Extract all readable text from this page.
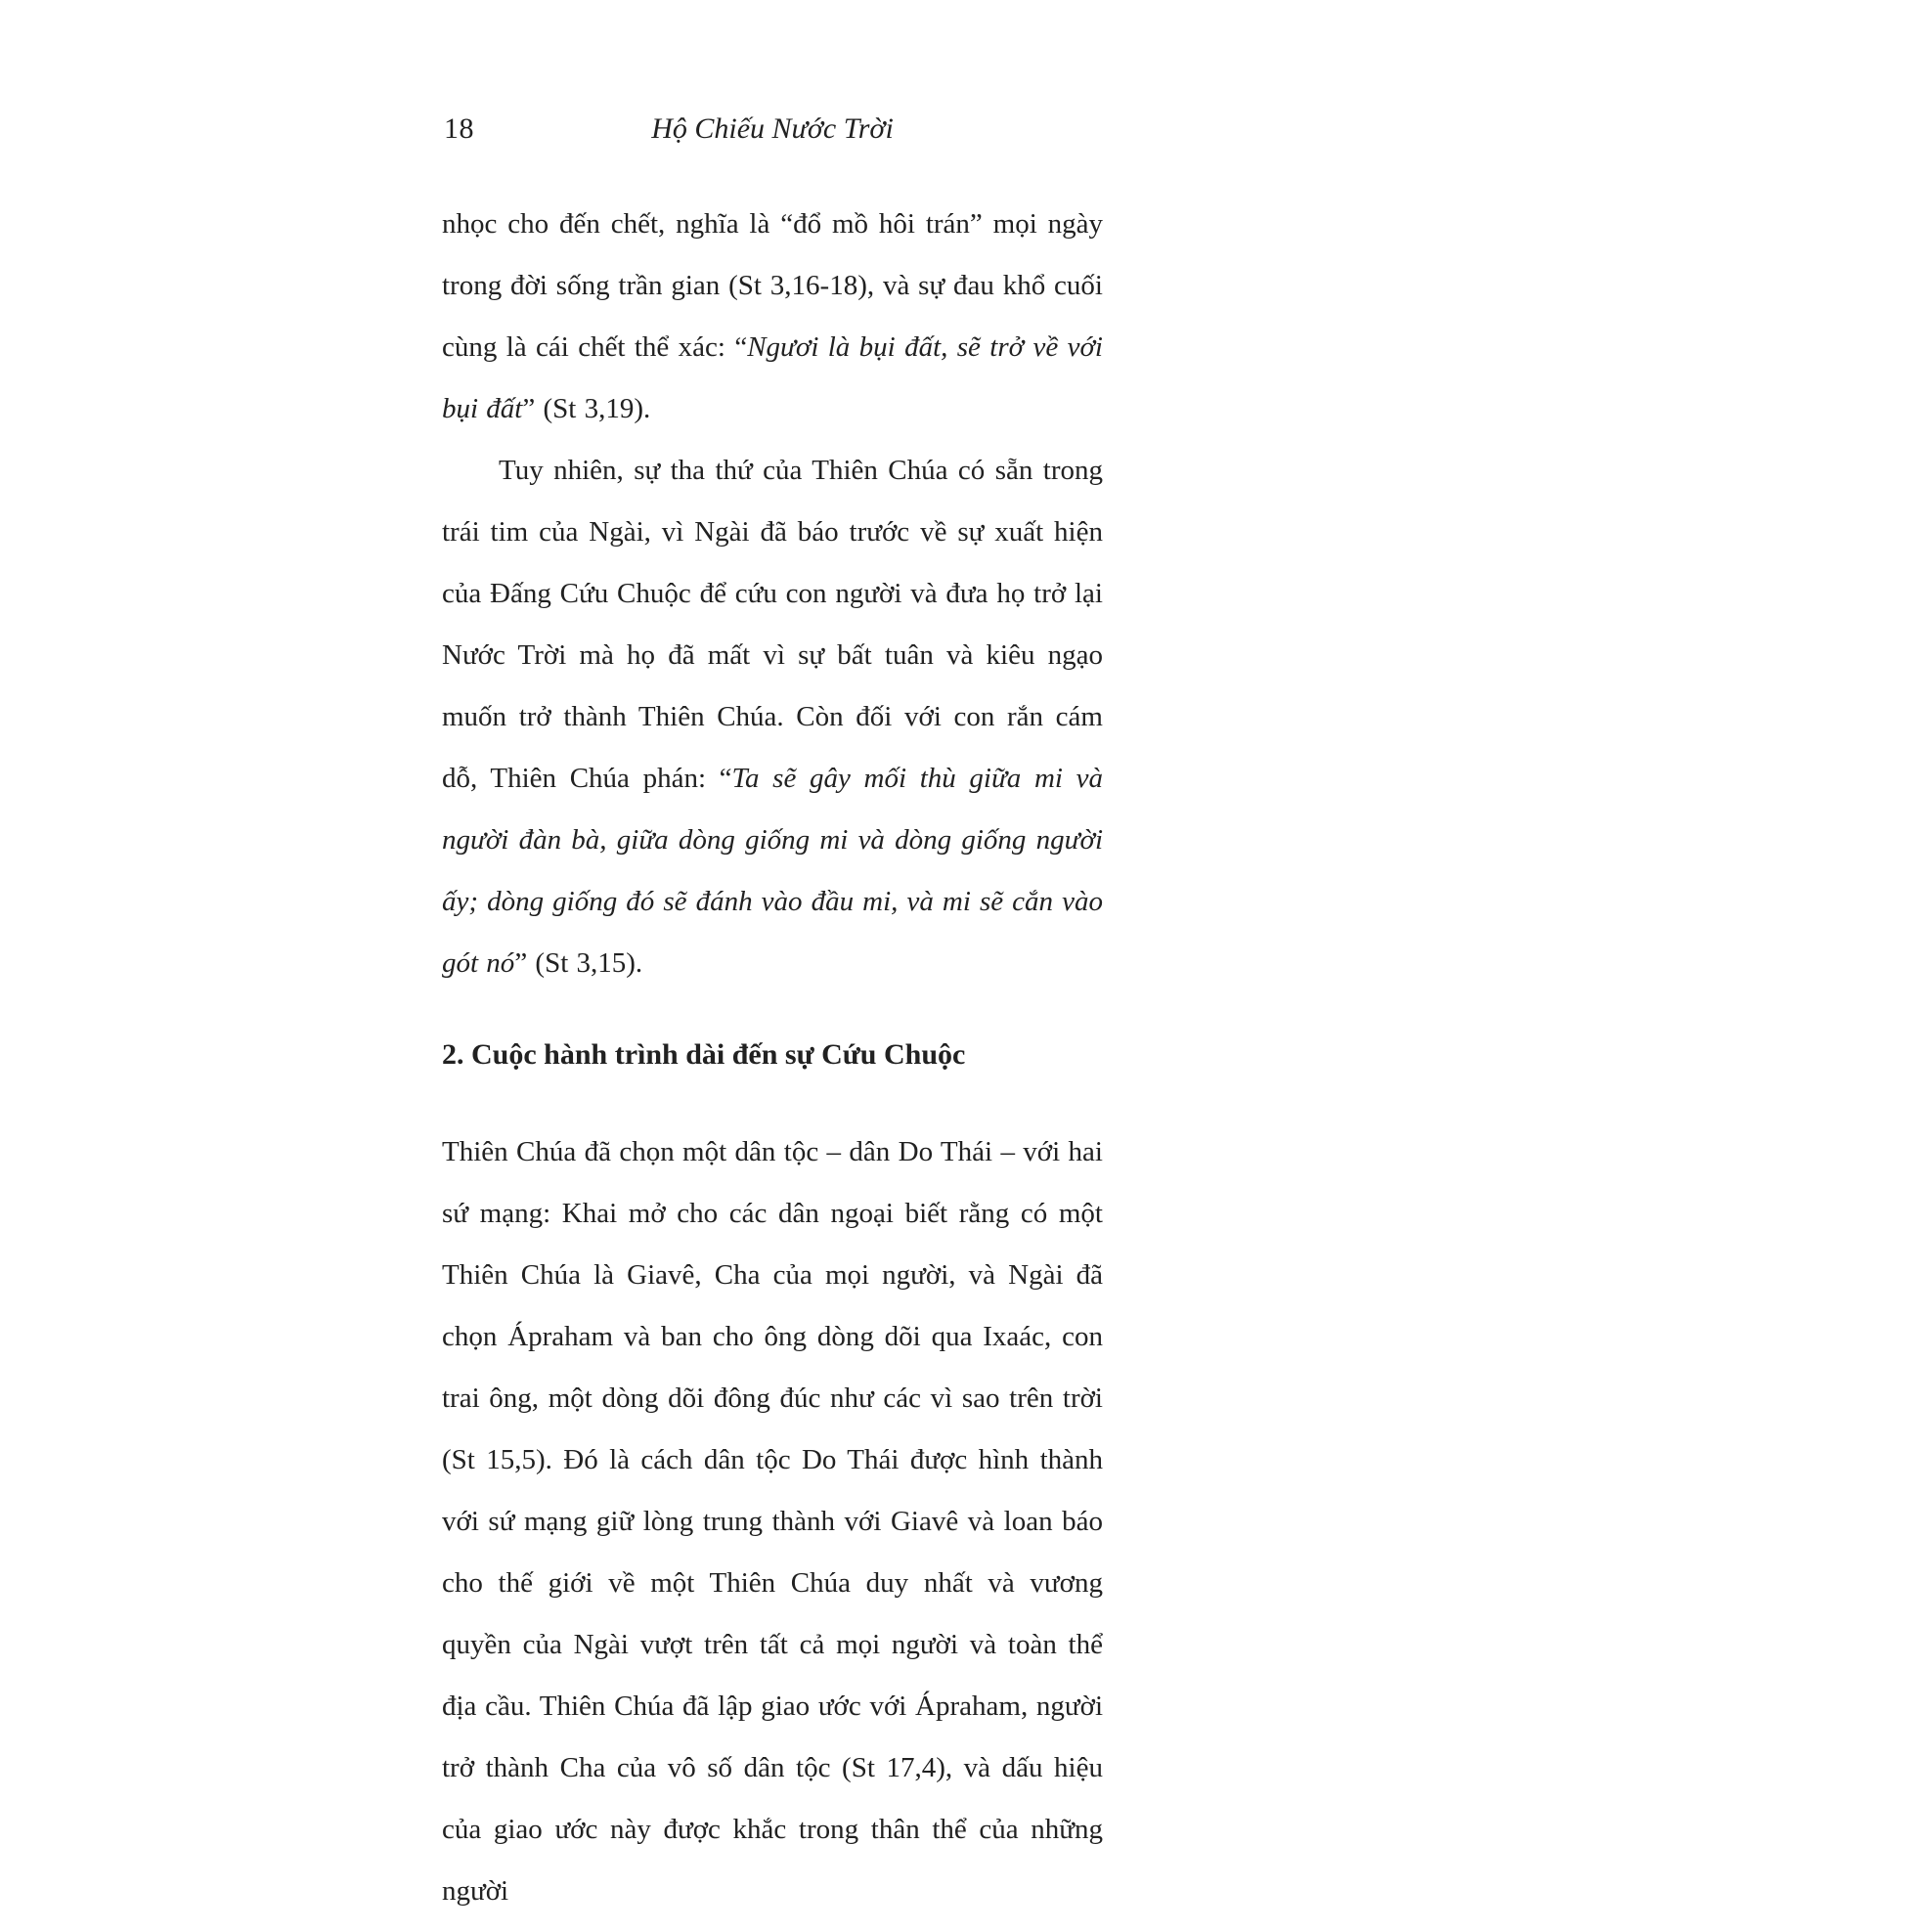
18	Hộ Chiếu Nước Trời

nhọc cho đến chết, nghĩa là “đổ mồ hôi trán” mọi ngày trong đời sống trần gian (St 3,16-18), và sự đau khổ cuối cùng là cái chết thể xác: “Ngươi là bụi đất, sẽ trở về với bụi đất” (St 3,19).

Tuy nhiên, sự tha thứ của Thiên Chúa có sẵn trong trái tim của Ngài, vì Ngài đã báo trước về sự xuất hiện của Đấng Cứu Chuộc để cứu con người và đưa họ trở lại Nước Trời mà họ đã mất vì sự bất tuân và kiêu ngạo muốn trở thành Thiên Chúa. Còn đối với con rắn cám dỗ, Thiên Chúa phán: “Ta sẽ gây mối thù giữa mi và người đàn bà, giữa dòng giống mi và dòng giống người ấy; dòng giống đó sẽ đánh vào đầu mi, và mi sẽ cắn vào gót nó” (St 3,15).

2. Cuộc hành trình dài đến sự Cứu Chuộc

Thiên Chúa đã chọn một dân tộc – dân Do Thái – với hai sứ mạng: Khai mở cho các dân ngoại biết rằng có một Thiên Chúa là Giavê, Cha của mọi người, và Ngài đã chọn Ápraham và ban cho ông dòng dõi qua Ixaác, con trai ông, một dòng dõi đông đúc như các vì sao trên trời (St 15,5). Đó là cách dân tộc Do Thái được hình thành với sứ mạng giữ lòng trung thành với Giavê và loan báo cho thế giới về một Thiên Chúa duy nhất và vương quyền của Ngài vượt trên tất cả mọi người và toàn thể địa cầu. Thiên Chúa đã lập giao ước với Ápraham, người trở thành Cha của vô số dân tộc (St 17,4), và dấu hiệu của giao ước này được khắc trong thân thể của những người
